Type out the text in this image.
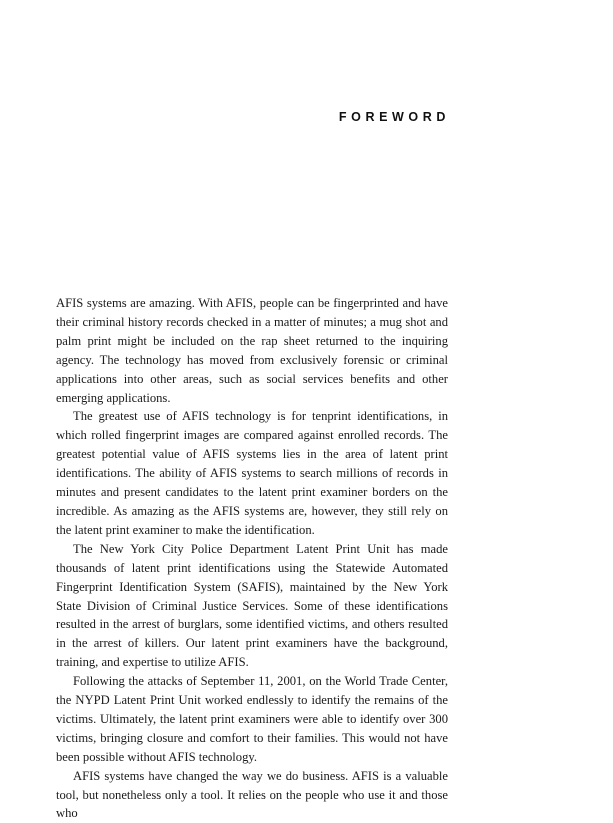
FOREWORD

AFIS systems are amazing. With AFIS, people can be fingerprinted and have their criminal history records checked in a matter of minutes; a mug shot and palm print might be included on the rap sheet returned to the inquiring agency. The technology has moved from exclusively forensic or criminal applications into other areas, such as social services benefits and other emerging applications.

The greatest use of AFIS technology is for tenprint identifications, in which rolled fingerprint images are compared against enrolled records. The greatest potential value of AFIS systems lies in the area of latent print identifications. The ability of AFIS systems to search millions of records in minutes and present candidates to the latent print examiner borders on the incredible. As amazing as the AFIS systems are, however, they still rely on the latent print examiner to make the identification.

The New York City Police Department Latent Print Unit has made thousands of latent print identifications using the Statewide Automated Fingerprint Identification System (SAFIS), maintained by the New York State Division of Criminal Justice Services. Some of these identifications resulted in the arrest of burglars, some identified victims, and others resulted in the arrest of killers. Our latent print examiners have the background, training, and expertise to utilize AFIS.

Following the attacks of September 11, 2001, on the World Trade Center, the NYPD Latent Print Unit worked endlessly to identify the remains of the victims. Ultimately, the latent print examiners were able to identify over 300 victims, bringing closure and comfort to their families. This would not have been possible without AFIS technology.

AFIS systems have changed the way we do business. AFIS is a valuable tool, but nonetheless only a tool. It relies on the people who use it and those who
